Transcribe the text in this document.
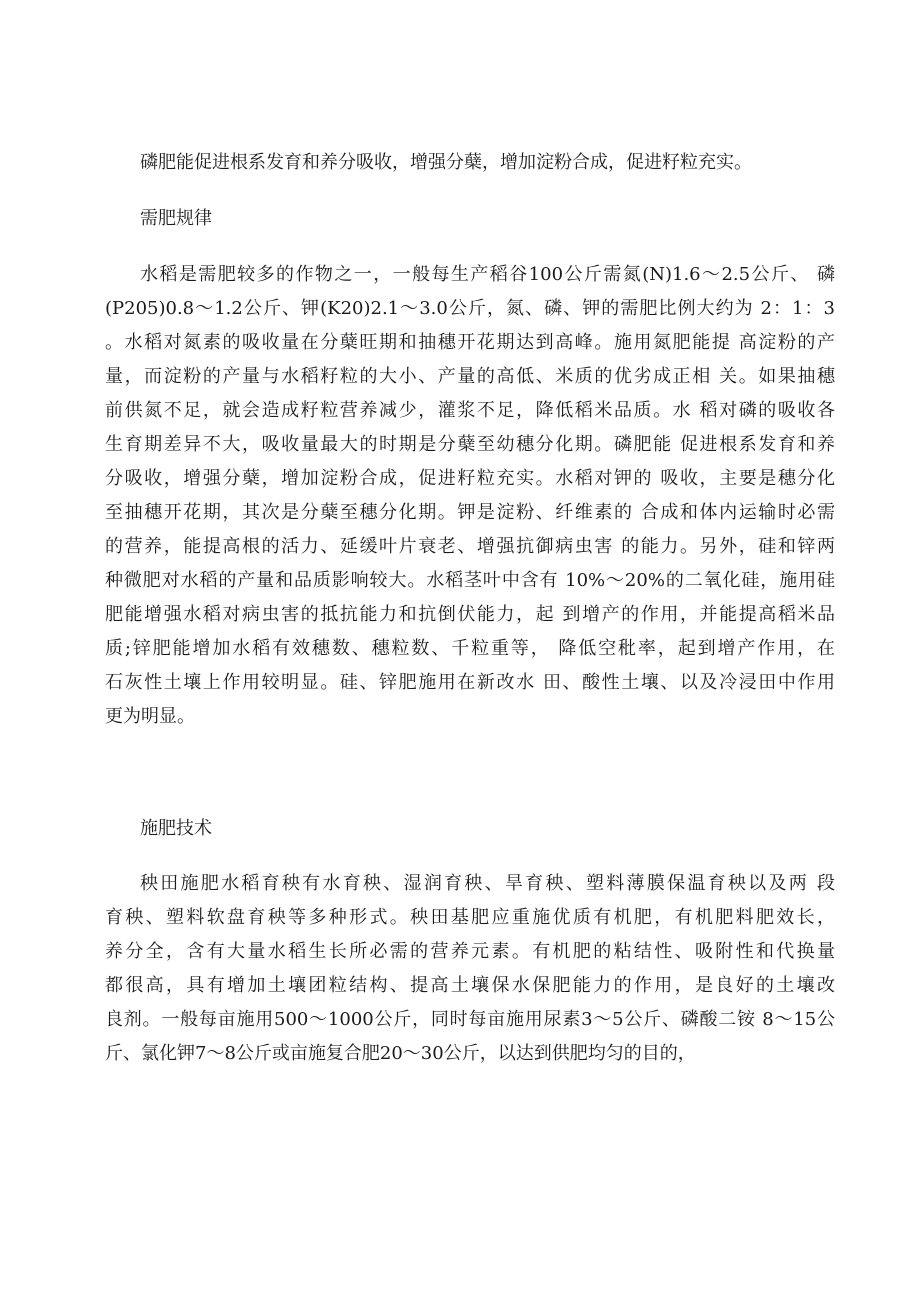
磷肥能促进根系发育和养分吸收，增强分蘖，增加淀粉合成，促进籽粒充实。
需肥规律
水稻是需肥较多的作物之一，一般每生产稻谷100公斤需氮(N)1.6～2.5公斤、 磷
(P205)0.8～1.2公斤、钾(K20)2.1～3.0公斤，氮、磷、钾的需肥比例大约为 2：1：3
。水稻对氮素的吸收量在分蘖旺期和抽穗开花期达到高峰。施用氮肥能提 高淀粉的产
量，而淀粉的产量与水稻籽粒的大小、产量的高低、米质的优劣成正相 关。如果抽穗
前供氮不足，就会造成籽粒营养减少，灌浆不足，降低稻米品质。水 稻对磷的吸收各
生育期差异不大，吸收量最大的时期是分蘖至幼穗分化期。磷肥能 促进根系发育和养
分吸收，增强分蘖，增加淀粉合成，促进籽粒充实。水稻对钾的 吸收，主要是穗分化
至抽穗开花期，其次是分蘖至穗分化期。钾是淀粉、纤维素的 合成和体内运输时必需
的营养，能提高根的活力、延缓叶片衰老、增强抗御病虫害 的能力。另外，硅和锌两
种微肥对水稻的产量和品质影响较大。水稻茎叶中含有 10%～20%的二氧化硅，施用硅
肥能增强水稻对病虫害的抵抗能力和抗倒伏能力，起 到增产的作用，并能提高稻米品
质;锌肥能增加水稻有效穗数、穗粒数、千粒重等， 降低空秕率，起到增产作用，在
石灰性土壤上作用较明显。硅、锌肥施用在新改水 田、酸性土壤、以及冷浸田中作用
更为明显。
施肥技术
秧田施肥水稻育秧有水育秧、湿润育秧、旱育秧、塑料薄膜保温育秧以及两 段
育秧、塑料软盘育秧等多种形式。秧田基肥应重施优质有机肥，有机肥料肥效长，
养分全，含有大量水稻生长所必需的营养元素。有机肥的粘结性、吸附性和代换量
都很高，具有增加土壤团粒结构、提高土壤保水保肥能力的作用，是良好的土壤改
良剂。一般每亩施用500～1000公斤，同时每亩施用尿素3～5公斤、磷酸二铵 8～15公
斤、氯化钾7～8公斤或亩施复合肥20～30公斤，以达到供肥均匀的目的，
